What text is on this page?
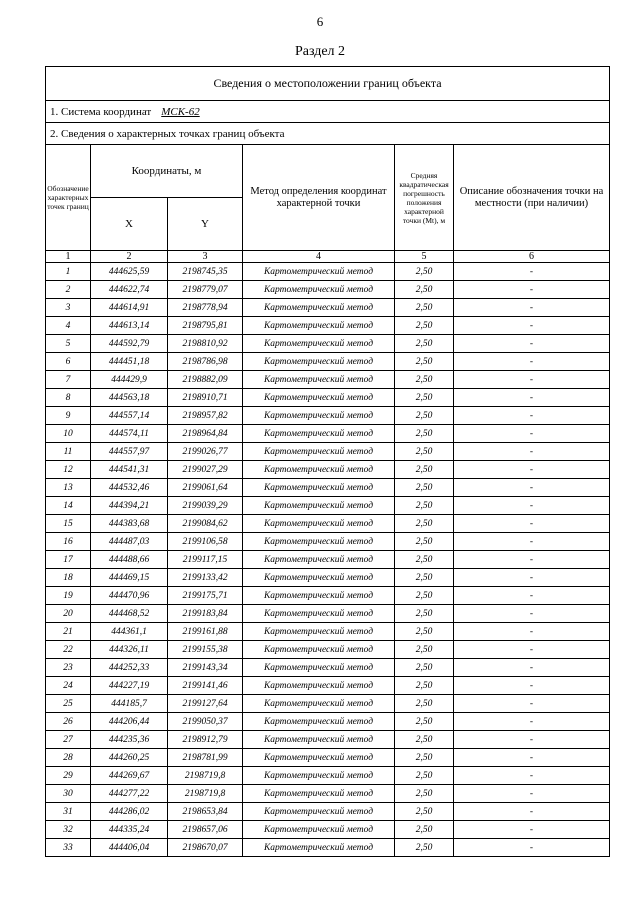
6
Раздел 2
Сведения о местоположении границ объекта					
1. Система координат МСК-62					
2. Сведения о характерных точках границ объекта					
Обозначение характерных точек границ	Координаты, м		Метод определения координат характерной точки	Средняя квадратическая погрешность положения характерной точки (Mt), м	Описание обозначения точки на местности (при наличии)
	X	Y			
1	2	3	4	5	6
1	444625,59	2198745,35	Картометрический метод	2,50	-
2	444622,74	2198779,07	Картометрический метод	2,50	-
3	444614,91	2198778,94	Картометрический метод	2,50	-
4	444613,14	2198795,81	Картометрический метод	2,50	-
5	444592,79	2198810,92	Картометрический метод	2,50	-
6	444451,18	2198786,98	Картометрический метод	2,50	-
7	444429,9	2198882,09	Картометрический метод	2,50	-
8	444563,18	2198910,71	Картометрический метод	2,50	-
9	444557,14	2198957,82	Картометрический метод	2,50	-
10	444574,11	2198964,84	Картометрический метод	2,50	-
11	444557,97	2199026,77	Картометрический метод	2,50	-
12	444541,31	2199027,29	Картометрический метод	2,50	-
13	444532,46	2199061,64	Картометрический метод	2,50	-
14	444394,21	2199039,29	Картометрический метод	2,50	-
15	444383,68	2199084,62	Картометрический метод	2,50	-
16	444487,03	2199106,58	Картометрический метод	2,50	-
17	444488,66	2199117,15	Картометрический метод	2,50	-
18	444469,15	2199133,42	Картометрический метод	2,50	-
19	444470,96	2199175,71	Картометрический метод	2,50	-
20	444468,52	2199183,84	Картометрический метод	2,50	-
21	444361,1	2199161,88	Картометрический метод	2,50	-
22	444326,11	2199155,38	Картометрический метод	2,50	-
23	444252,33	2199143,34	Картометрический метод	2,50	-
24	444227,19	2199141,46	Картометрический метод	2,50	-
25	444185,7	2199127,64	Картометрический метод	2,50	-
26	444206,44	2199050,37	Картометрический метод	2,50	-
27	444235,36	2198912,79	Картометрический метод	2,50	-
28	444260,25	2198781,99	Картометрический метод	2,50	-
29	444269,67	2198719,8	Картометрический метод	2,50	-
30	444277,22	2198719,8	Картометрический метод	2,50	-
31	444286,02	2198653,84	Картометрический метод	2,50	-
32	444335,24	2198657,06	Картометрический метод	2,50	-
33	444406,04	2198670,07	Картометрический метод	2,50	-
